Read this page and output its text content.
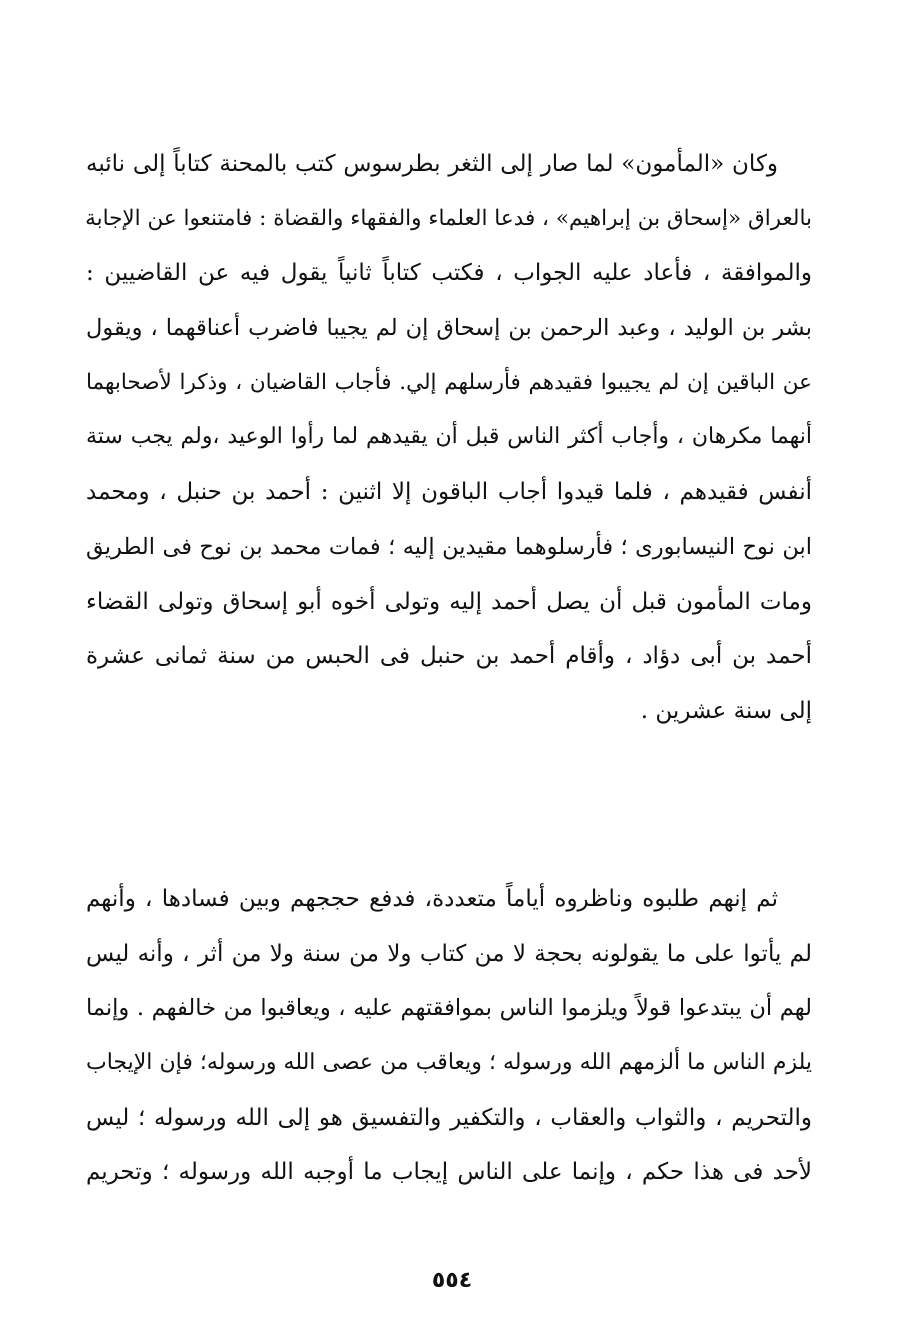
وكان «المأمون» لما صار إلى الثغر بطرسوس كتب بالمحنة كتاباً إلى نائبه
بالعراق «إسحاق بن إبراهيم» ، فدعا العلماء والفقهاء والقضاة : فامتنعوا عن الإجابة
والموافقة ، فأعاد عليه الجواب ، فكتب كتاباً ثانياً يقول فيه عن القاضيين :
بشر بن الوليد ، وعبد الرحمن بن إسحاق إن لم يجيبا فاضرب أعناقهما ، ويقول
عن الباقين إن لم يجيبوا فقيدهم فأرسلهم إلي. فأجاب القاضيان ، وذكرا لأصحابهما
أنهما مكرهان ، وأجاب أكثر الناس قبل أن يقيدهم لما رأوا الوعيد ،ولم يجب ستة
أنفس فقيدهم ، فلما قيدوا أجاب الباقون إلا اثنين : أحمد بن حنبل ، ومحمد
ابن نوح النيسابورى ؛ فأرسلوهما مقيدين إليه ؛ فمات محمد بن نوح فى الطريق
ومات المأمون قبل أن يصل أحمد إليه وتولى أخوه أبو إسحاق وتولى القضاء
أحمد بن أبى دؤاد ، وأقام أحمد بن حنبل فى الحبس من سنة ثمانى عشرة
إلى سنة عشرين .
ثم إنهم طلبوه وناظروه أياماً متعددة، فدفع حججهم وبين فسادها ، وأنهم
لم يأتوا على ما يقولونه بحجة لا من كتاب ولا من سنة ولا من أثر ، وأنه ليس
لهم أن يبتدعوا قولاً ويلزموا الناس بموافقتهم عليه ، ويعاقبوا من خالفهم . وإنما
يلزم الناس ما ألزمهم الله ورسوله ؛ ويعاقب من عصى الله ورسوله؛ فإن الإيجاب
والتحريم ، والثواب والعقاب ، والتكفير والتفسيق هو إلى الله ورسوله ؛ ليس
لأحد فى هذا حكم ، وإنما على الناس إيجاب ما أوجبه الله ورسوله ؛ وتحريم
٥٥٤
